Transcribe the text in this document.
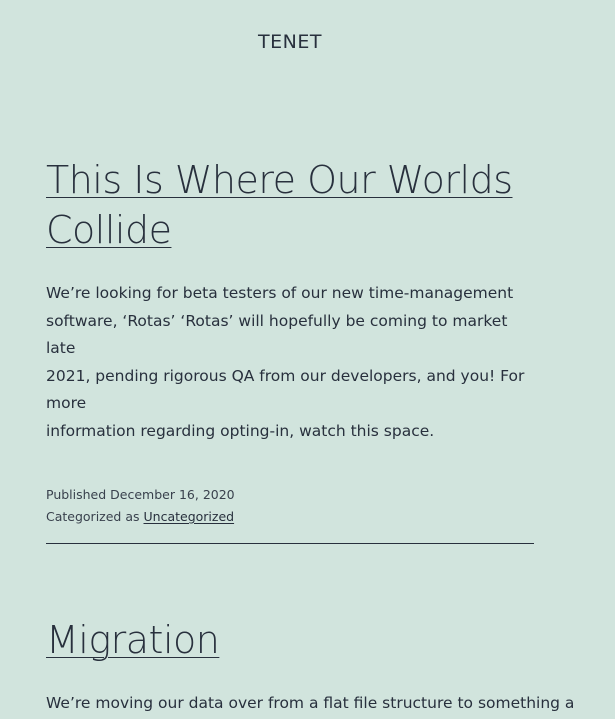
TENET
This Is Where Our Worlds
Collide

We’re looking for beta testers of our new time-management
software, ‘Rotas’ ‘Rotas’ will hopefully be coming to market late
2021, pending rigorous QA from our developers, and you! For more
information regarding opting-in, watch this space.

Published December 16, 2020
Categorized as Uncategorized
Migration

We’re moving our data over from a flat file structure to something a
